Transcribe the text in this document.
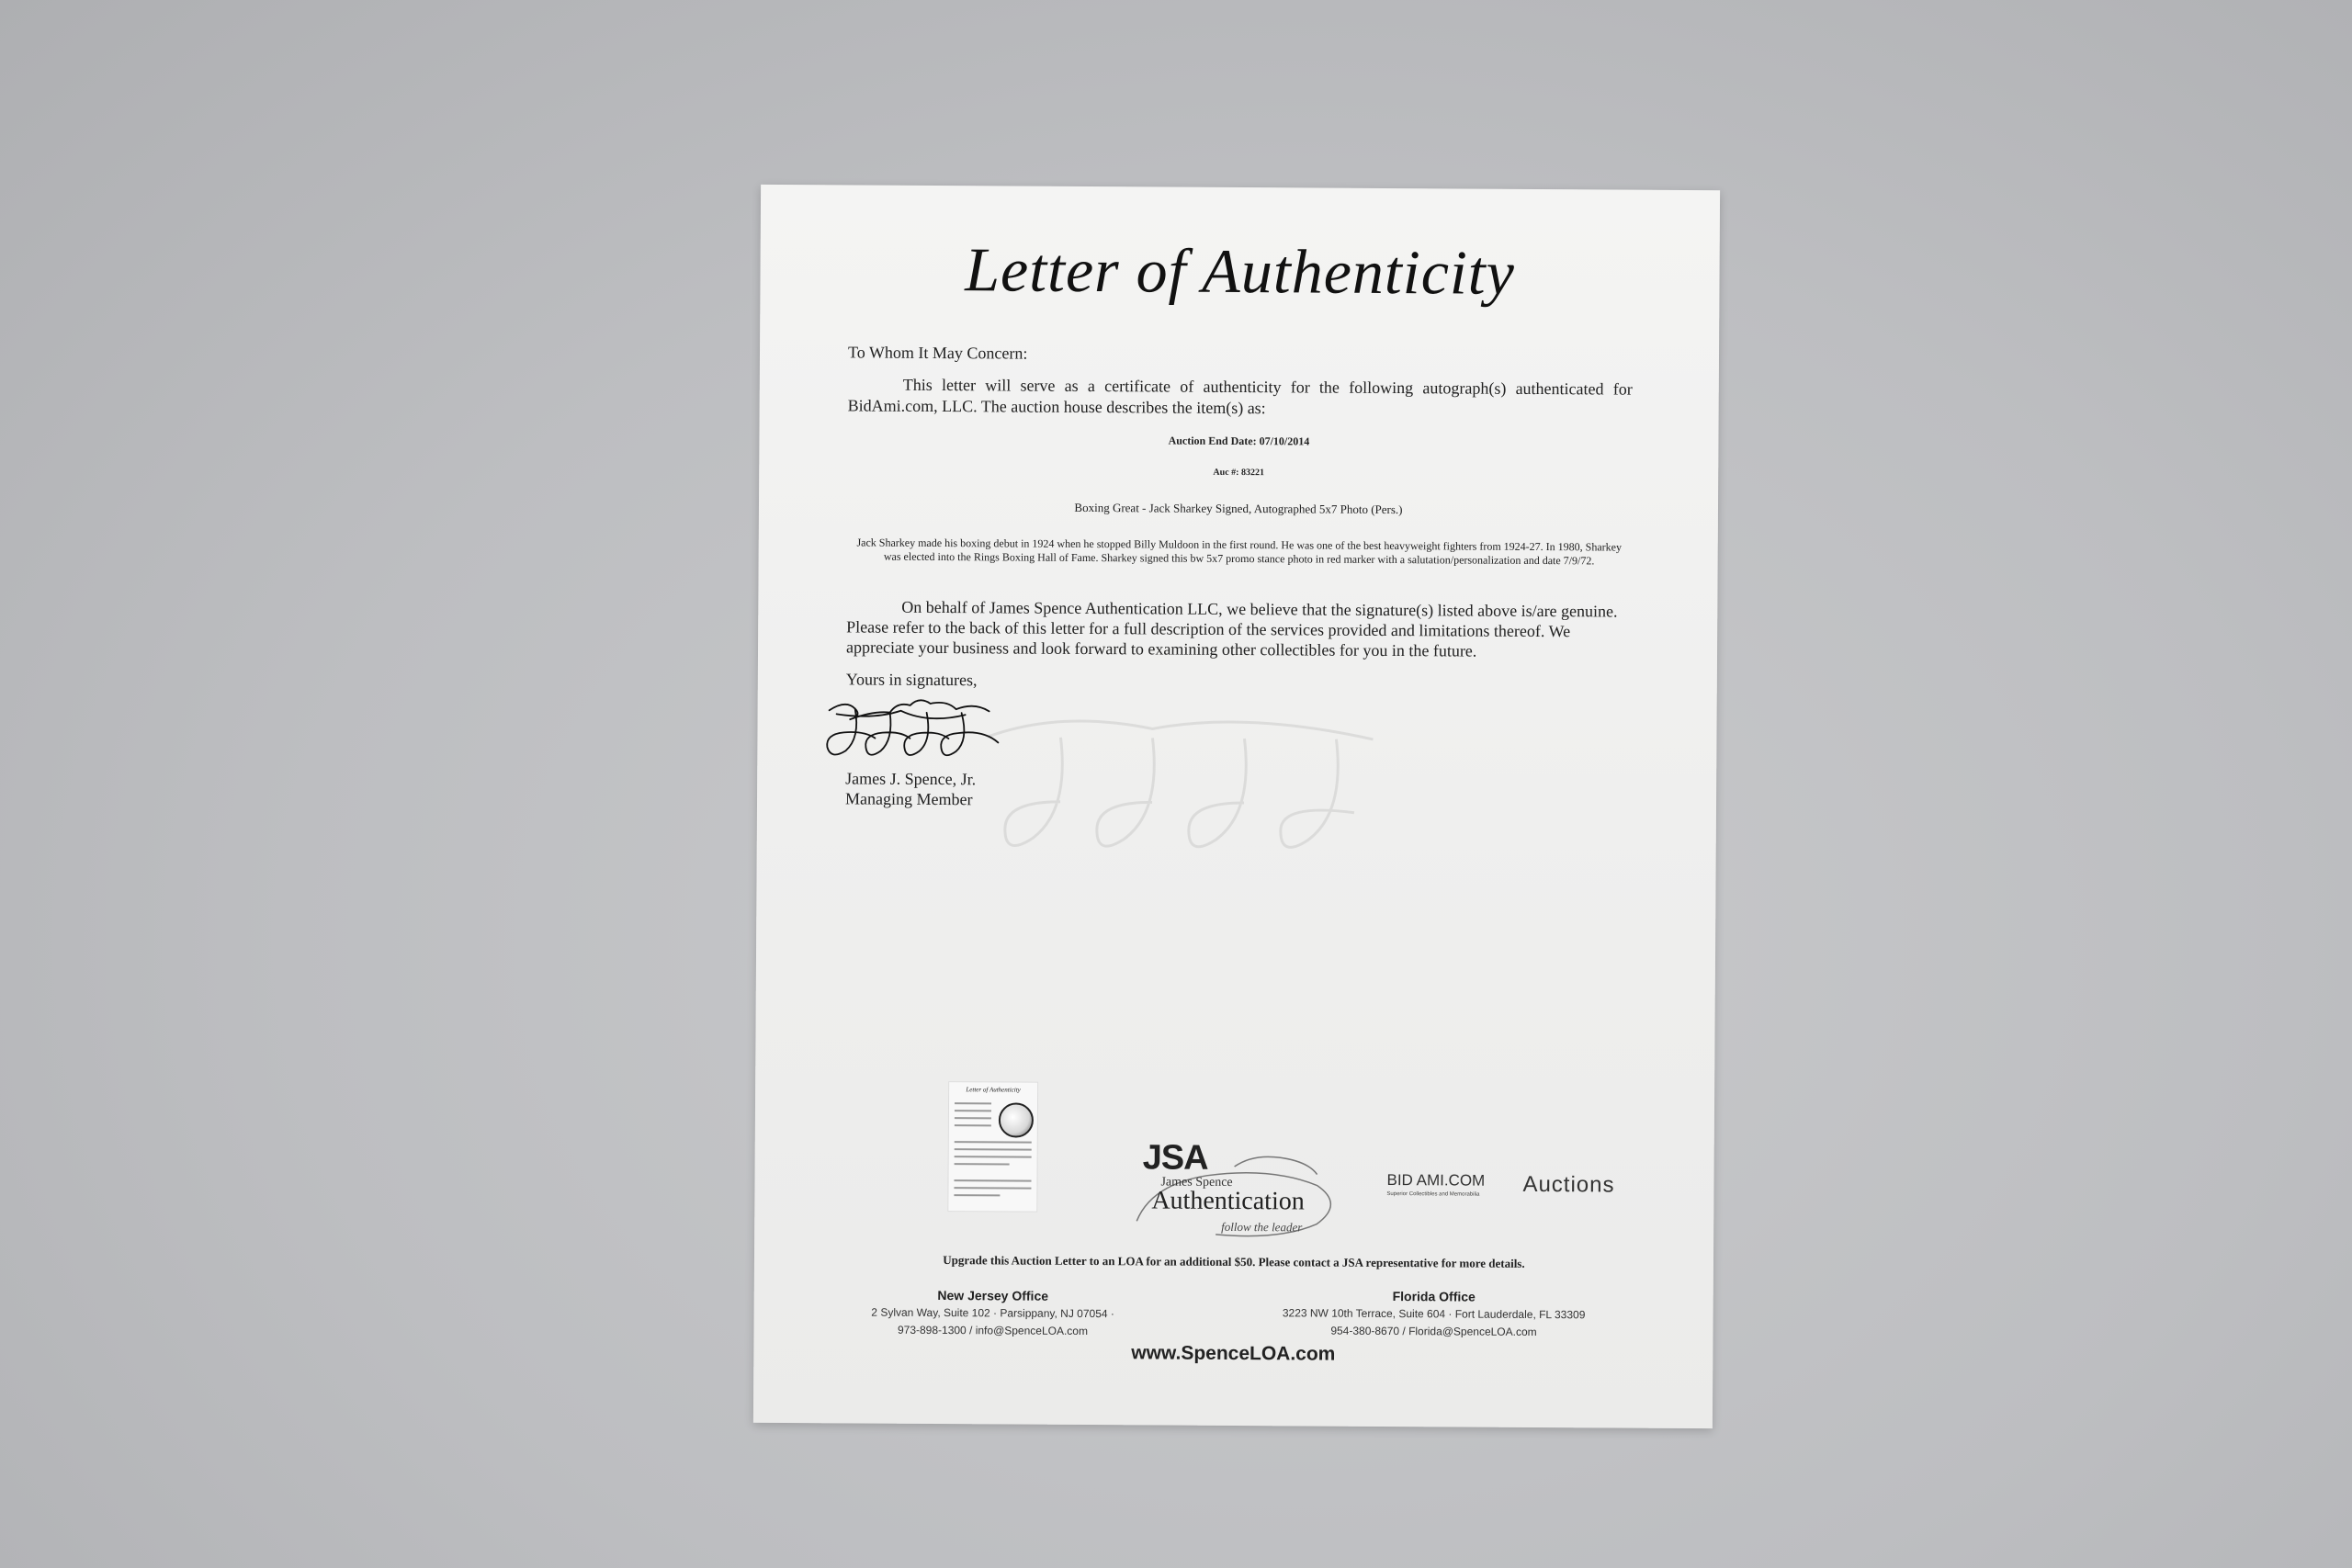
Letter of Authenticity
To Whom It May Concern:
This letter will serve as a certificate of authenticity for the following autograph(s) authenticated for BidAmi.com, LLC. The auction house describes the item(s) as:
Auction End Date: 07/10/2014
Auc #: 83221
Boxing Great - Jack Sharkey Signed, Autographed 5x7 Photo (Pers.)
Jack Sharkey made his boxing debut in 1924 when he stopped Billy Muldoon in the first round. He was one of the best heavyweight fighters from 1924-27. In 1980, Sharkey was elected into the Rings Boxing Hall of Fame. Sharkey signed this bw 5x7 promo stance photo in red marker with a salutation/personalization and date 7/9/72.
On behalf of James Spence Authentication LLC, we believe that the signature(s) listed above is/are genuine. Please refer to the back of this letter for a full description of the services provided and limitations thereof. We appreciate your business and look forward to examining other collectibles for you in the future.
Yours in signatures,
James J. Spence, Jr.
Managing Member
Letter of Authenticity
JSA
James Spence
Authentication
follow the leader
BID AMI.COM
Superior Collectibles and Memorabilia Auctions
Upgrade this Auction Letter to an LOA for an additional $50. Please contact a JSA representative for more details.
New Jersey Office
2 Sylvan Way, Suite 102 · Parsippany, NJ 07054 ·
973-898-1300 / info@SpenceLOA.com
Florida Office
3223 NW 10th Terrace, Suite 604 · Fort Lauderdale, FL 33309
954-380-8670 / Florida@SpenceLOA.com
www.SpenceLOA.com
